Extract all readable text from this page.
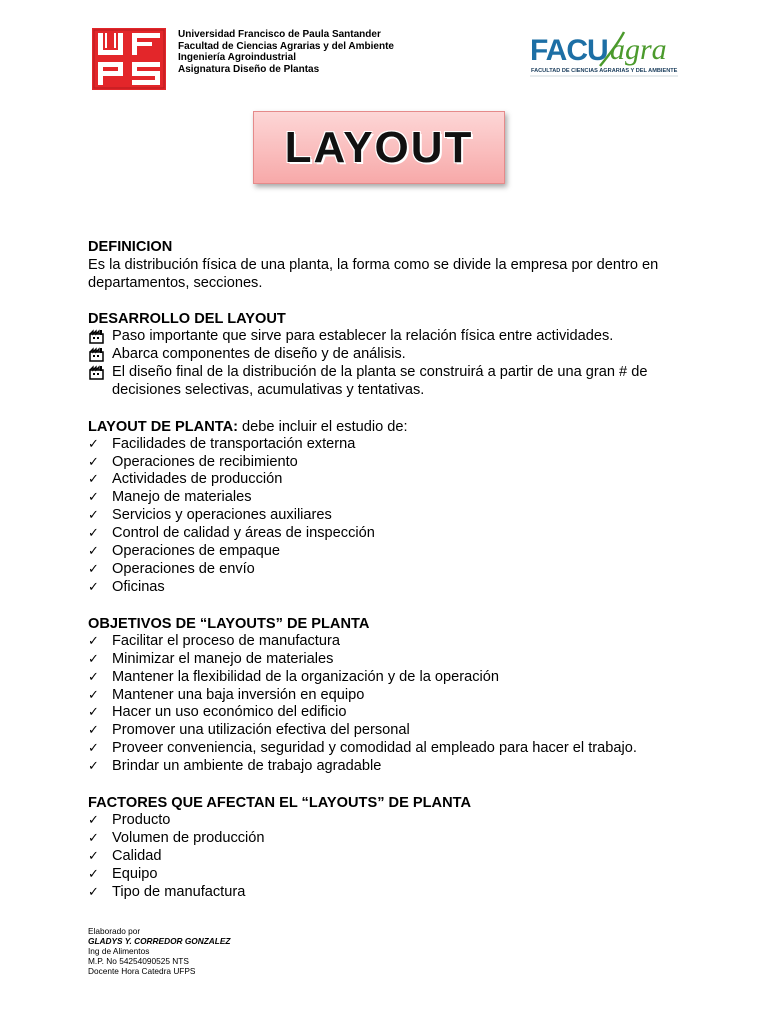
Universidad Francisco de Paula Santander
Facultad de Ciencias Agrarias y del Ambiente
Ingeniería Agroindustrial
Asignatura Diseño de Plantas
FACU agra
FACULTAD DE CIENCIAS AGRARIAS Y DEL AMBIENTE
LAYOUT
DEFINICION
Es la distribución física de una planta, la forma como se divide la empresa por dentro en
departamentos, secciones.
DESARROLLO DEL LAYOUT
Paso importante que sirve para establecer la relación física entre actividades.
Abarca componentes de diseño y de análisis.
El diseño final de la distribución de la planta se construirá a partir de una gran # de
decisiones selectivas, acumulativas y tentativas.
LAYOUT DE PLANTA: debe incluir el estudio de:
✓ Facilidades de transportación externa
✓ Operaciones de recibimiento
✓ Actividades de producción
✓ Manejo de materiales
✓ Servicios y operaciones auxiliares
✓ Control de calidad y áreas de inspección
✓ Operaciones de empaque
✓ Operaciones de envío
✓ Oficinas
OBJETIVOS DE “LAYOUTS” DE PLANTA
✓ Facilitar el proceso de manufactura
✓ Minimizar el manejo de materiales
✓ Mantener la flexibilidad de la organización y de la operación
✓ Mantener una baja inversión en equipo
✓ Hacer un uso económico del edificio
✓ Promover una utilización efectiva del personal
✓ Proveer conveniencia, seguridad y comodidad al empleado para hacer el trabajo.
✓ Brindar un ambiente de trabajo agradable
FACTORES QUE AFECTAN EL “LAYOUTS” DE PLANTA
✓ Producto
✓ Volumen de producción
✓ Calidad
✓ Equipo
✓ Tipo de manufactura
Elaborado por
GLADYS Y. CORREDOR GONZALEZ
Ing de Alimentos
M.P. No 54254090525 NTS
Docente Hora Catedra UFPS
